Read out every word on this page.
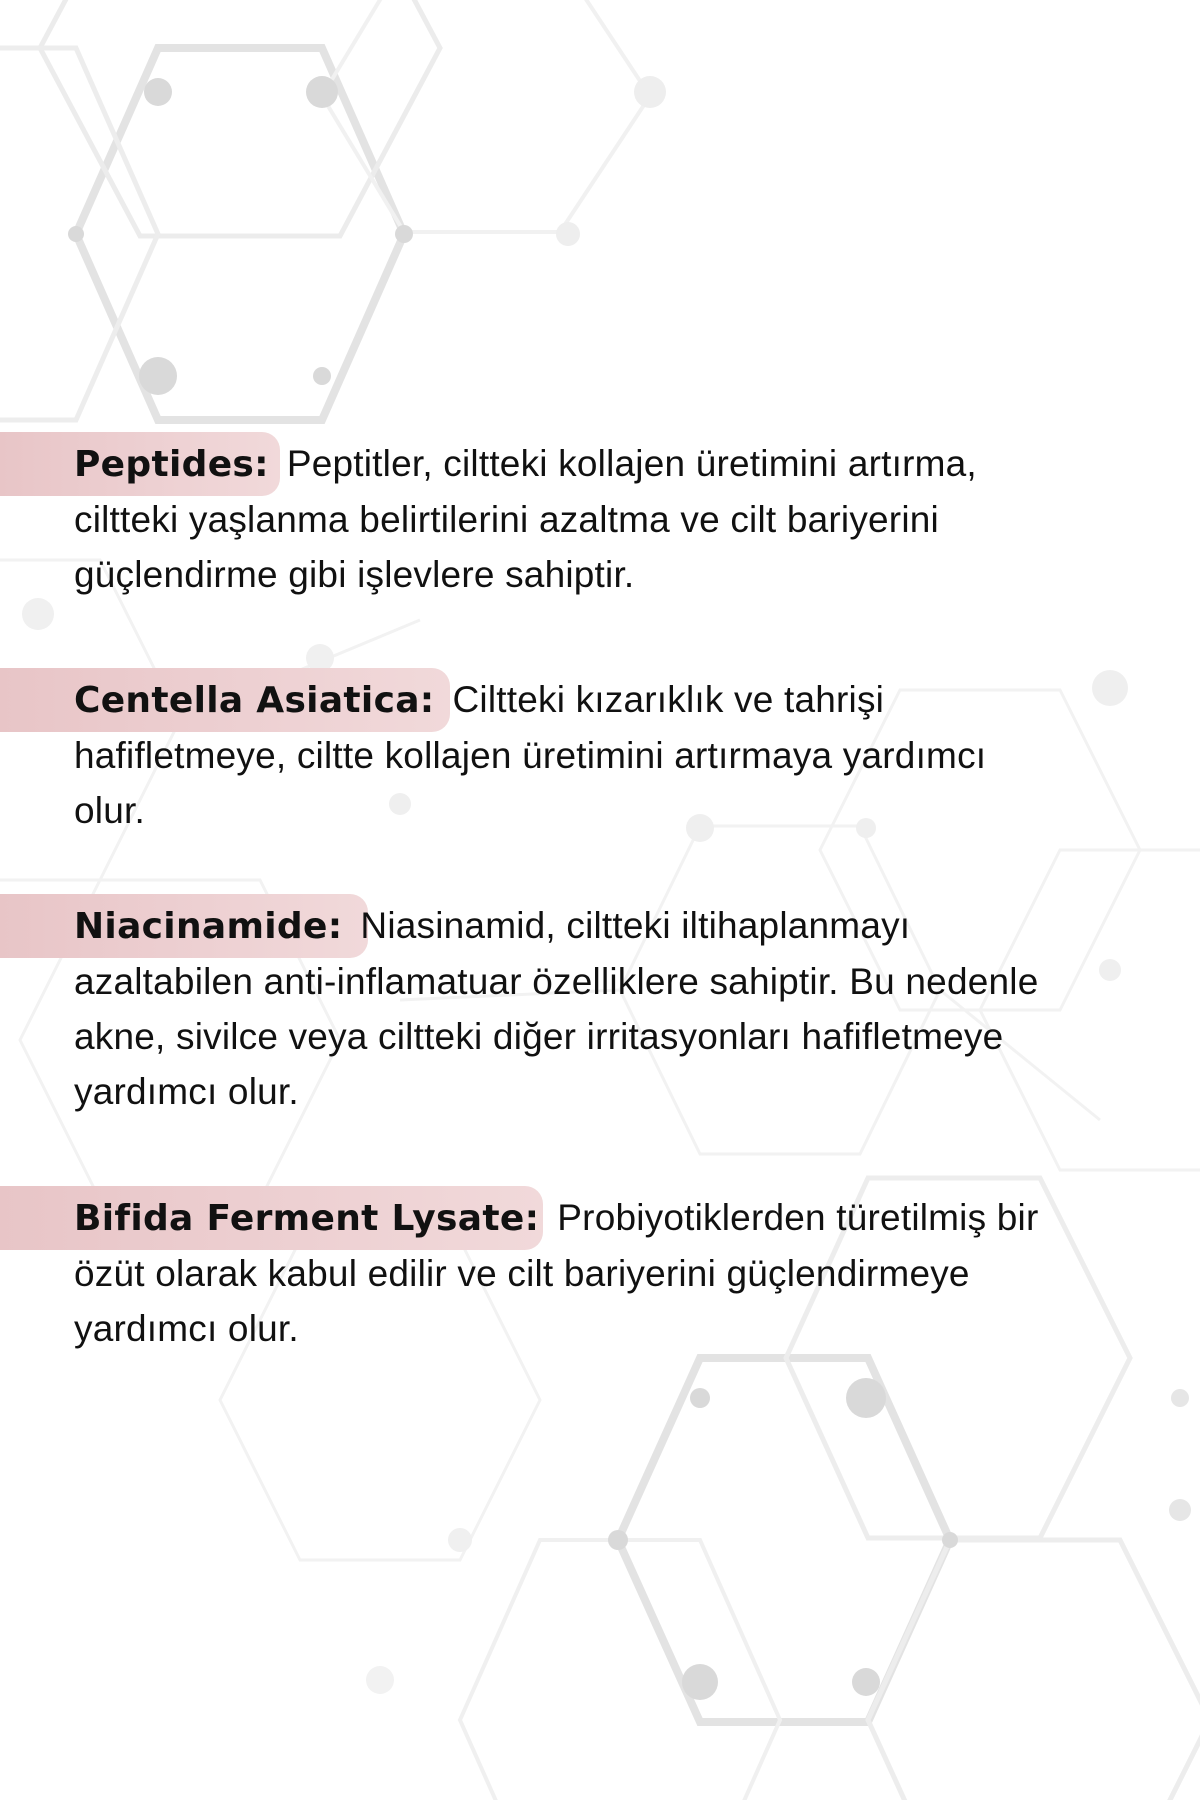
Peptides: Peptitler, ciltteki kollajen üretimini artırma, ciltteki yaşlanma belirtilerini azaltma ve cilt bariyerini güçlendirme gibi işlevlere sahiptir.

Centella Asiatica: Ciltteki kızarıklık ve tahrişi hafifletmeye, ciltte kollajen üretimini artırmaya yardımcı olur.

Niacinamide: Niasinamid, ciltteki iltihaplanmayı azaltabilen anti-inflamatuar özelliklere sahiptir. Bu nedenle akne, sivilce veya ciltteki diğer irritasyonları hafifletmeye yardımcı olur.

Bifida Ferment Lysate: Probiyotiklerden türetilmiş bir özüt olarak kabul edilir ve cilt bariyerini güçlendirmeye yardımcı olur.
